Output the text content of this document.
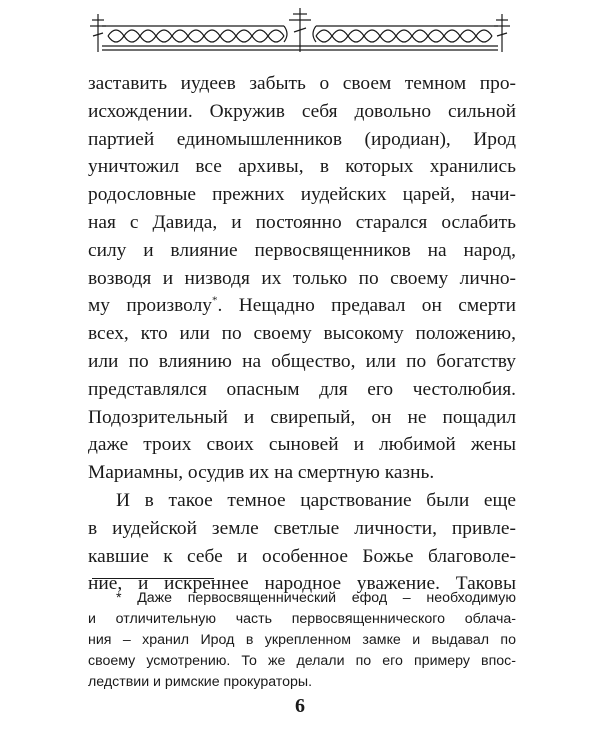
заставить иудеев забыть о своем темном про-
исхождении. Окружив себя довольно сильной
партией единомышленников (иродиан), Ирод
уничтожил все архивы, в которых хранились
родословные прежних иудейских царей, начи-
ная с Давида, и постоянно старался ослабить
силу и влияние первосвященников на народ,
возводя и низводя их только по своему лично-
му произволу*. Нещадно предавал он смерти
всех, кто или по своему высокому положению,
или по влиянию на общество, или по богатству
представлялся опасным для его честолюбия.
Подозрительный и свирепый, он не пощадил
даже троих своих сыновей и любимой жены
Мариамны, осудив их на смертную казнь.

И в такое темное царствование были еще
в иудейской земле светлые личности, привле-
кавшие к себе и особенное Божье благоволе-
ние, и искреннее народное уважение. Таковы

* Даже первосвященнический ефод – необходимую
и отличительную часть первосвященнического облача-
ния – хранил Ирод в укрепленном замке и выдавал по
своему усмотрению. То же делали по его примеру впос-
ледствии и римские прокураторы.
6
